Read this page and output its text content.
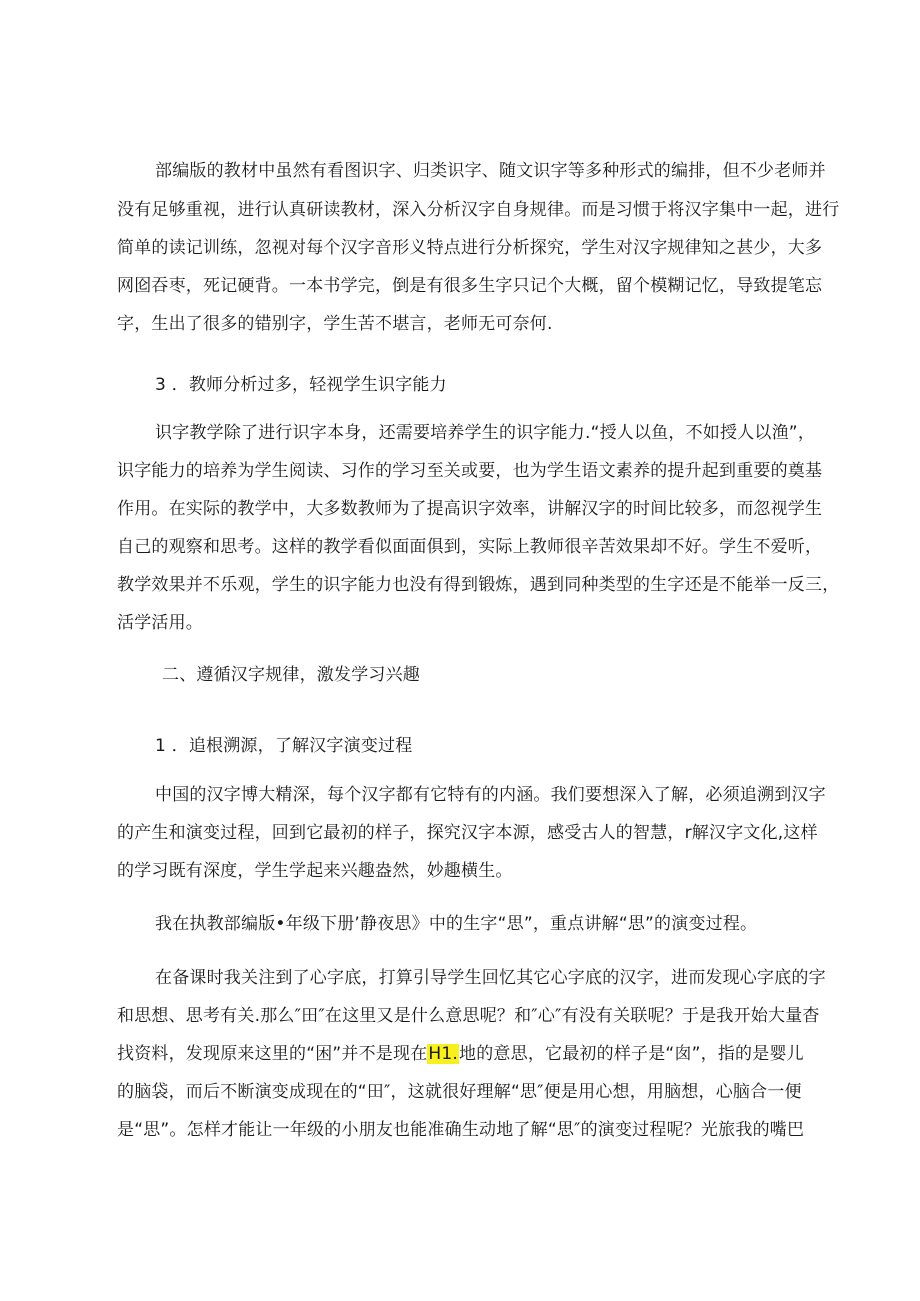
部编版的教材中虽然有看图识字、归类识字、随文识字等多种形式的编排，但不少老师并
没有足够重视，进行认真研读教材，深入分析汉字自身规律。而是习惯于将汉字集中一起，进行
简单的读记训练，忽视对每个汉字音形义特点进行分析探究，学生对汉字规律知之甚少，大多
网囵吞枣，死记硬背。一本书学完，倒是有很多生字只记个大概，留个模糊记忆，导致提笔忘
字，生出了很多的错别字，学生苦不堪言，老师无可奈何.
3 ．教师分析过多，轻视学生识字能力
识字教学除了进行识字本身，还需要培养学生的识字能力.“授人以鱼，不如授人以渔”，
识字能力的培养为学生阅读、习作的学习至关或要，也为学生语文素养的提升起到重要的奠基
作用。在实际的教学中，大多数教师为了提高识字效率，讲解汉字的时间比较多，而忽视学生
自己的观察和思考。这样的教学看似面面俱到，实际上教师很辛苦效果却不好。学生不爱听，
教学效果并不乐观，学生的识字能力也没有得到锻炼，遇到同种类型的生字还是不能举一反三，
活学活用。
二、遵循汉字规律，激发学习兴趣
1 ．追根溯源，了解汉字演变过程
中国的汉字博大精深，每个汉字都有它特有的内涵。我们要想深入了解，必须追溯到汉字
的产生和演变过程，回到它最初的样子，探究汉字本源，感受古人的智慧，r解汉字文化,这样
的学习既有深度，学生学起来兴趣盎然，妙趣横生。
我在执教部编版•年级下册’静夜思》中的生字“思”，重点讲解“思”的演变过程。
在备课时我关注到了心字底，打算引导学生回忆其它心字底的汉字，进而发现心字底的字
和思想、思考有关.那么″田″在这里又是什么意思呢？和″心″有没有关联呢？于是我开始大量杳
找资料，发现原来这里的“困”并不是现在H1.地的意思，它最初的样子是“囱”，指的是婴儿
的脑袋，而后不断演变成现在的“田″，这就很好理解“思″便是用心想，用脑想，心脑合一便
是“思”。怎样才能让一年级的小朋友也能准确生动地了解“思″的演变过程呢？光旅我的嘴巴
